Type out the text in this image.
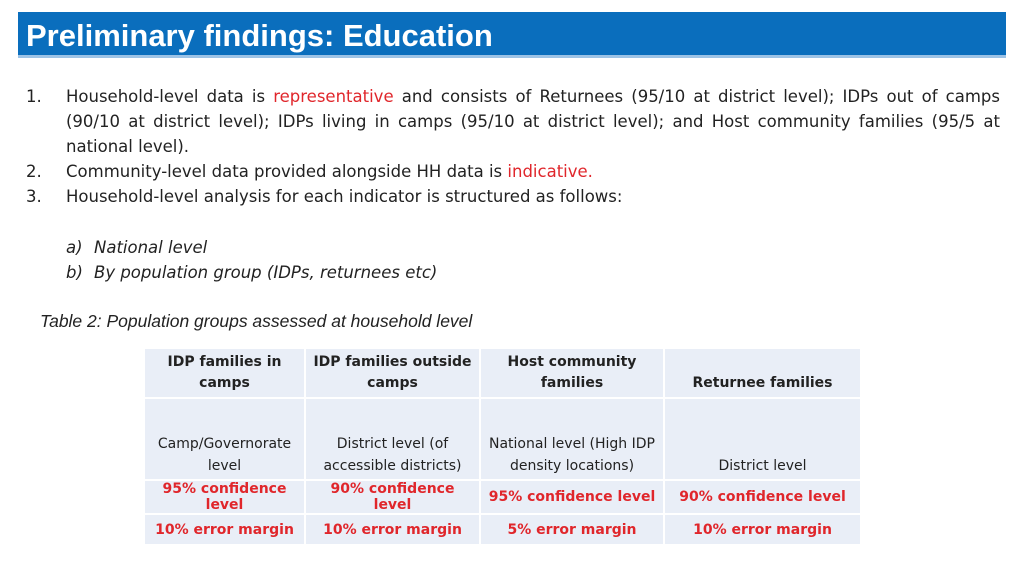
Preliminary findings: Education
1. Household-level data is representative and consists of Returnees (95/10 at district level); IDPs out of camps (90/10 at district level); IDPs living in camps (95/10 at district level); and Host community families (95/5 at national level).
2. Community-level data provided alongside HH data is indicative.
3. Household-level analysis for each indicator is structured as follows:
a) National level
b) By population group (IDPs, returnees etc)
Table 2: Population groups assessed at household level
IDP families in camps	IDP families outside camps	Host community families	Returnee families
Camp/Governorate level	District level (of accessible districts)	National level (High IDP density locations)	District level
95% confidence level	90% confidence level	95% confidence level	90% confidence level
10% error margin	10% error margin	5% error margin	10% error margin
